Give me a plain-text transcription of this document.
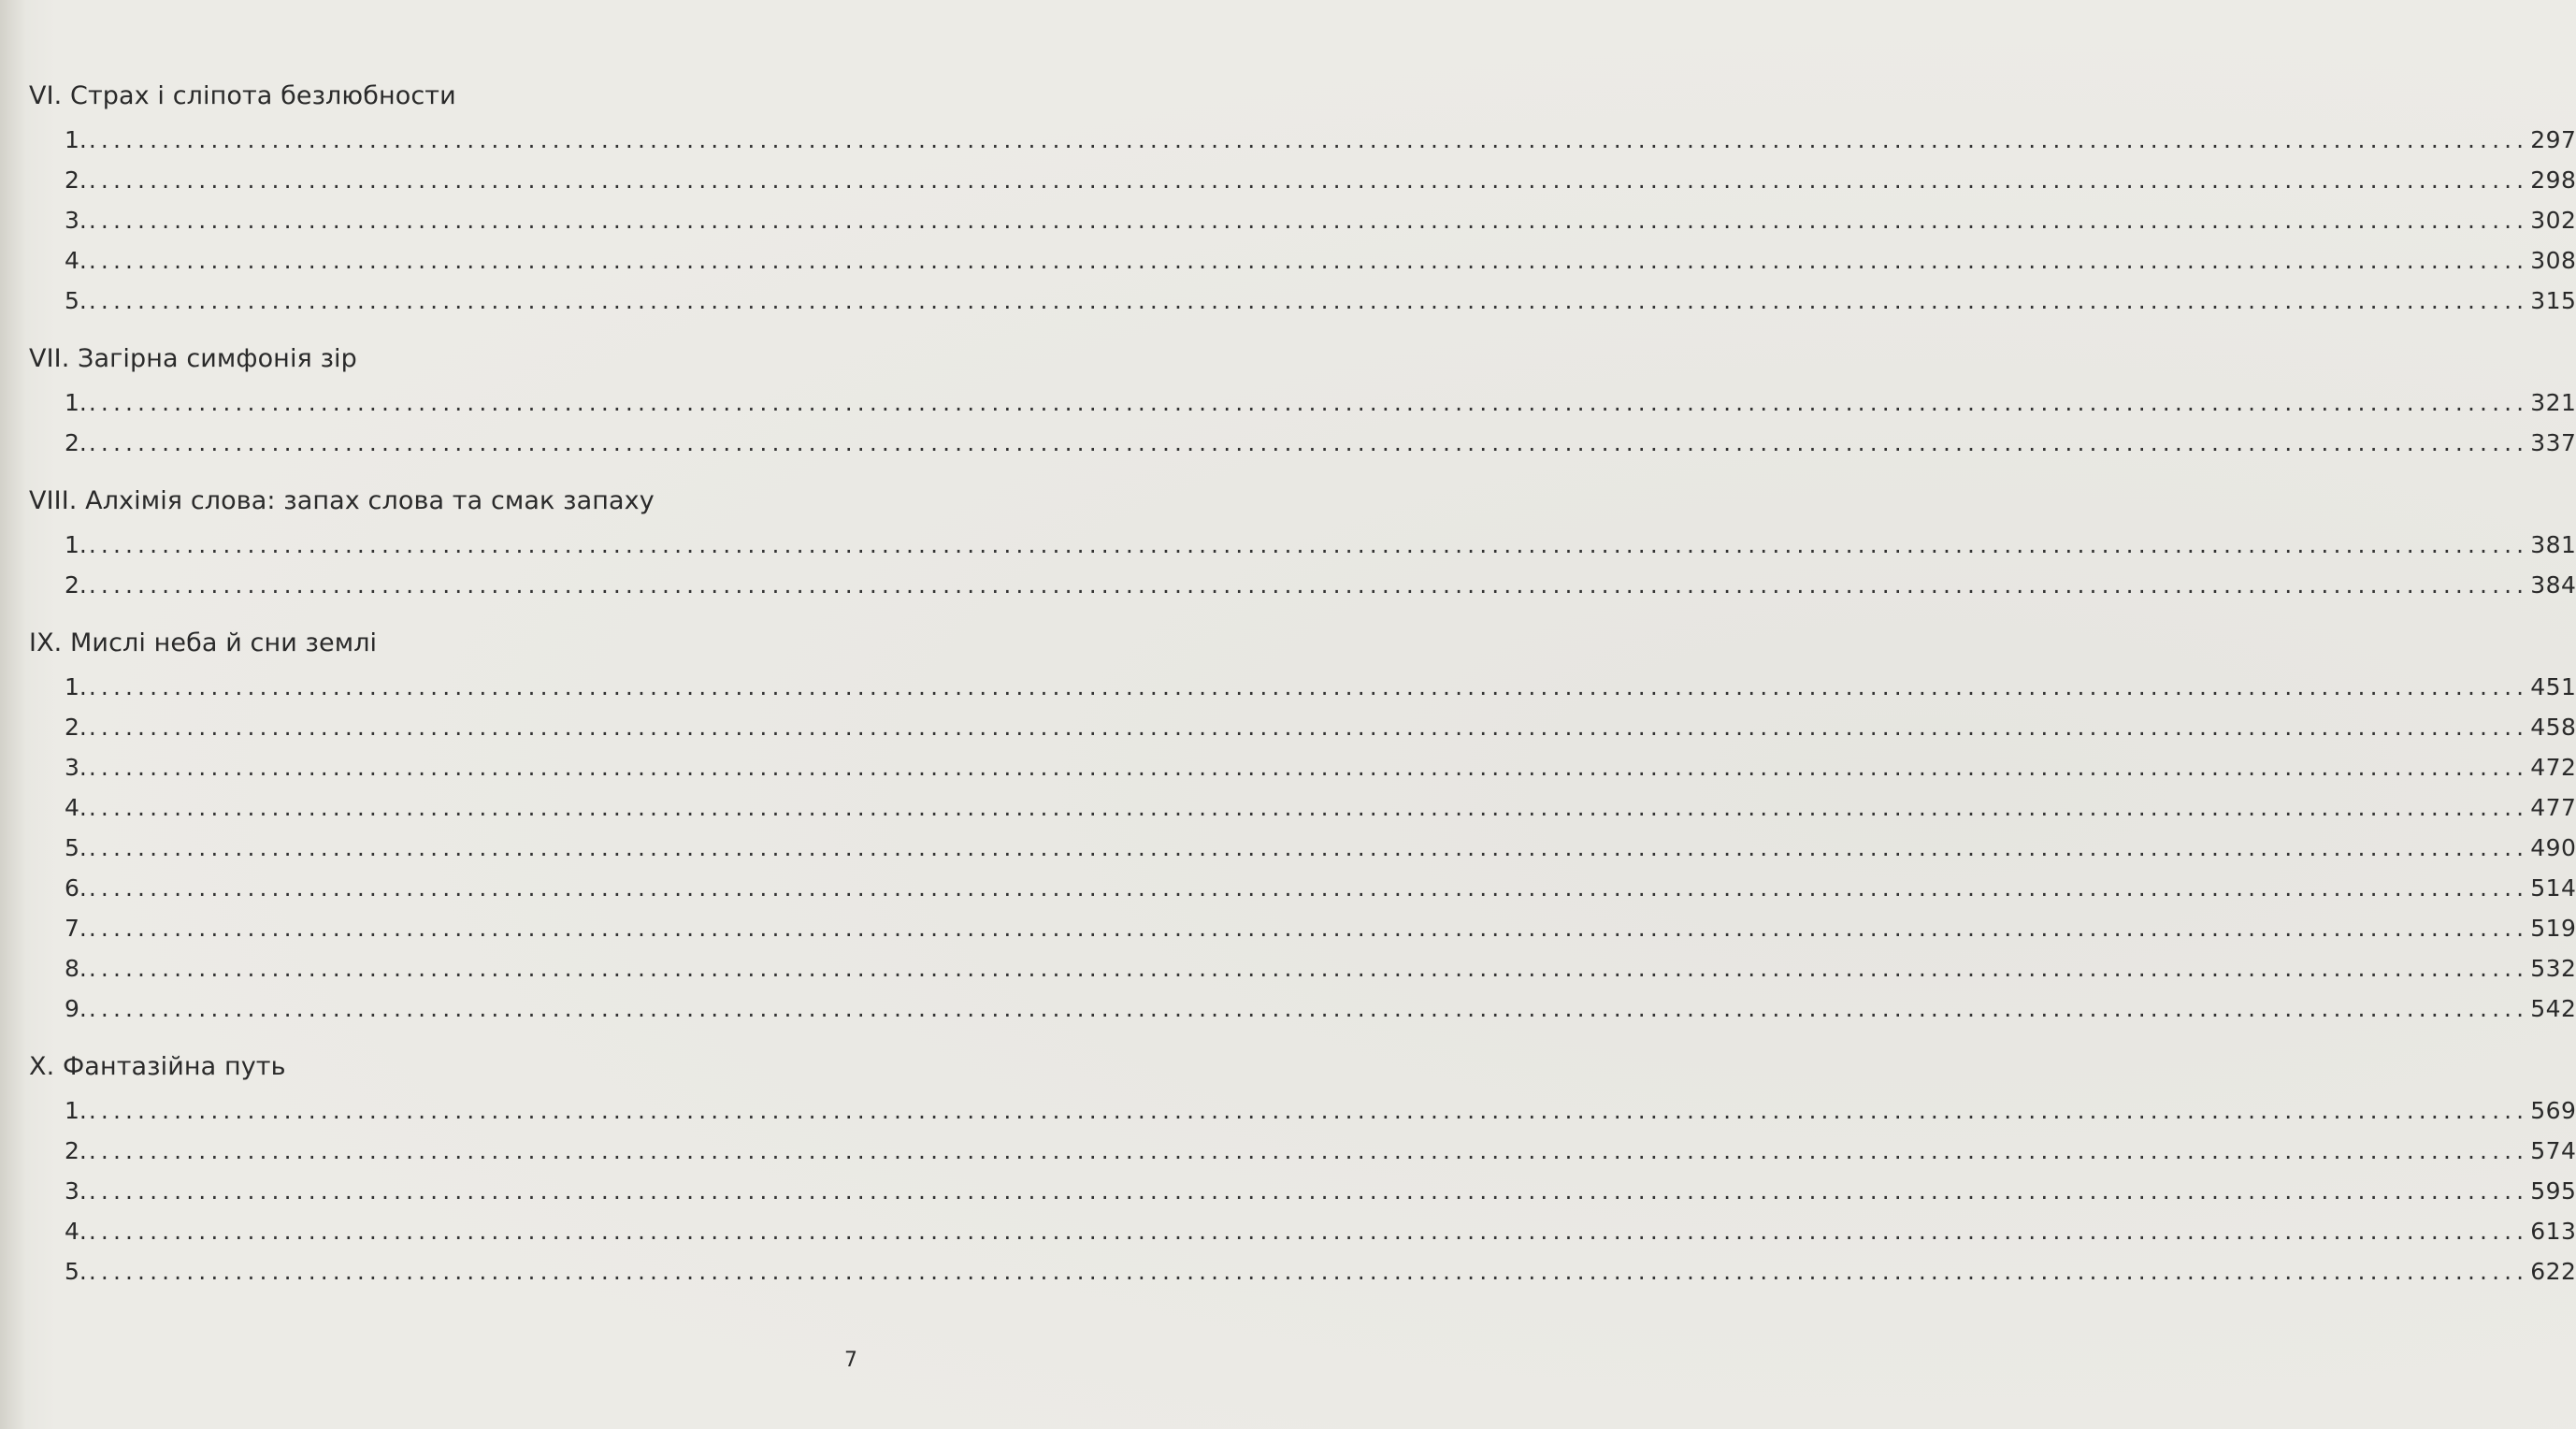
VI. Страх і сліпота безлюбности
1. ........................................................................................................................................................................................................ 297
2. ........................................................................................................................................................................................................ 298
3. ........................................................................................................................................................................................................ 302
4. ........................................................................................................................................................................................................ 308
5. ........................................................................................................................................................................................................ 315
VII. Загірна симфонія зір
1. ........................................................................................................................................................................................................ 321
2. ........................................................................................................................................................................................................ 337
VIII. Алхімія слова: запах слова та смак запаху
1. ........................................................................................................................................................................................................ 381
2. ........................................................................................................................................................................................................ 384
IX. Мислі неба й сни землі
1. ........................................................................................................................................................................................................ 451
2. ........................................................................................................................................................................................................ 458
3. ........................................................................................................................................................................................................ 472
4. ........................................................................................................................................................................................................ 477
5. ........................................................................................................................................................................................................ 490
6. ........................................................................................................................................................................................................ 514
7. ........................................................................................................................................................................................................ 519
8. ........................................................................................................................................................................................................ 532
9. ........................................................................................................................................................................................................ 542
X. Фантазійна путь
1. ........................................................................................................................................................................................................ 569
2. ........................................................................................................................................................................................................ 574
3. ........................................................................................................................................................................................................ 595
4. ........................................................................................................................................................................................................ 613
5. ........................................................................................................................................................................................................ 622
7
